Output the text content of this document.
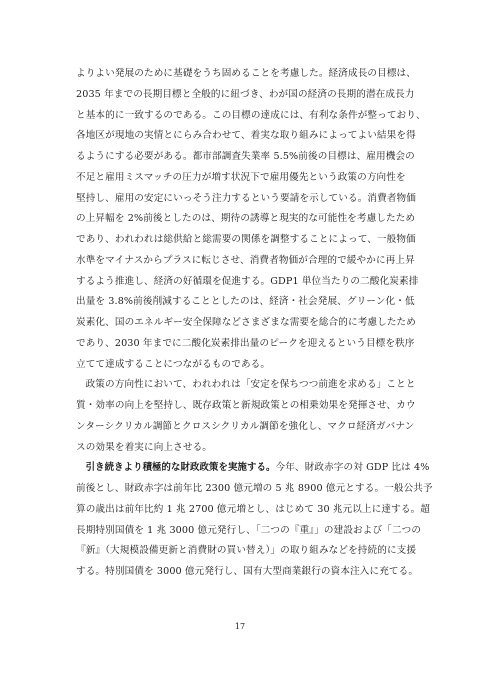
よりよい発展のために基礎をうち固めることを考慮した。経済成長の目標は、
2035 年までの長期目標と全般的に紐づき、わが国の経済の長期的潜在成長力
と基本的に一致するのである。この目標の達成には、有利な条件が整っており、
各地区が現地の実情とにらみ合わせて、着実な取り組みによってよい結果を得
るようにする必要がある。都市部調査失業率 5.5%前後の目標は、雇用機会の
不足と雇用ミスマッチの圧力が増す状況下で雇用優先という政策の方向性を
堅持し、雇用の安定にいっそう注力するという要請を示している。消費者物価
の上昇幅を 2%前後としたのは、期待の誘導と現実的な可能性を考慮したため
であり、われわれは総供給と総需要の関係を調整することによって、一般物価
水準をマイナスからプラスに転じさせ、消費者物価が合理的で緩やかに再上昇
するよう推進し、経済の好循環を促進する。GDP1 単位当たりの二酸化炭素排
出量を 3.8%前後削減することとしたのは、経済・社会発展、グリーン化・低
炭素化、国のエネルギー安全保障などさまざまな需要を総合的に考慮したため
であり、2030 年までに二酸化炭素排出量のピークを迎えるという目標を秩序
立てて達成することにつながるものである。
政策の方向性において、われわれは「安定を保ちつつ前進を求める」ことと
質・効率の向上を堅持し、既存政策と新規政策との相乗効果を発揮させ、カウ
ンターシクリカル調節とクロスシクリカル調節を強化し、マクロ経済ガバナン
スの効果を着実に向上させる。
引き続きより積極的な財政政策を実施する。今年、財政赤字の対 GDP 比は 4%
前後とし、財政赤字は前年比 2300 億元増の 5 兆 8900 億元とする。一般公共予
算の歳出は前年比約 1 兆 2700 億元増とし、はじめて 30 兆元以上に達する。超
長期特別国債を 1 兆 3000 億元発行し、「二つの『重』」の建設および「二つの
『新』（大規模設備更新と消費財の買い替え）」の取り組みなどを持続的に支援
する。特別国債を 3000 億元発行し、国有大型商業銀行の資本注入に充てる。
17
